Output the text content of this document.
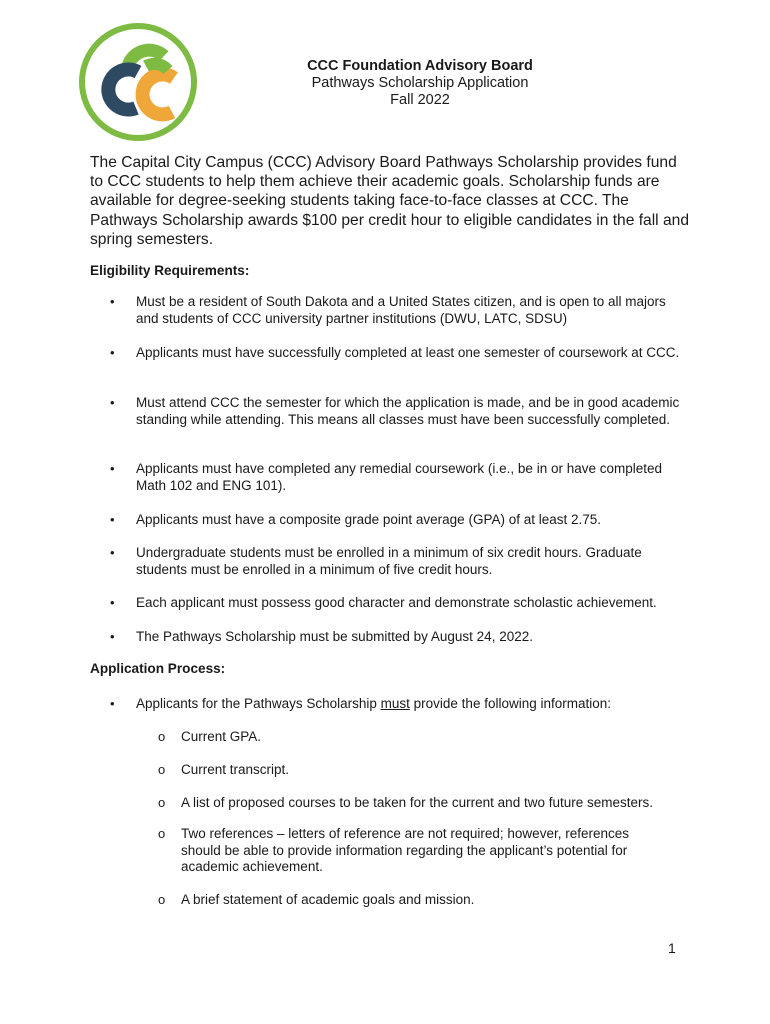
CCC Foundation Advisory Board
Pathways Scholarship Application
Fall 2022
The Capital City Campus (CCC) Advisory Board Pathways Scholarship provides fund to CCC students to help them achieve their academic goals. Scholarship funds are available for degree-seeking students taking face-to-face classes at CCC. The Pathways Scholarship awards $100 per credit hour to eligible candidates in the fall and spring semesters.
Eligibility Requirements:
• Must be a resident of South Dakota and a United States citizen, and is open to all majors and students of CCC university partner institutions (DWU, LATC, SDSU)
• Applicants must have successfully completed at least one semester of coursework at CCC.
• Must attend CCC the semester for which the application is made, and be in good academic standing while attending. This means all classes must have been successfully completed.
• Applicants must have completed any remedial coursework (i.e., be in or have completed Math 102 and ENG 101).
• Applicants must have a composite grade point average (GPA) of at least 2.75.
• Undergraduate students must be enrolled in a minimum of six credit hours. Graduate students must be enrolled in a minimum of five credit hours.
• Each applicant must possess good character and demonstrate scholastic achievement.
• The Pathways Scholarship must be submitted by August 24, 2022.
Application Process:
• Applicants for the Pathways Scholarship must provide the following information:
o Current GPA.
o Current transcript.
o A list of proposed courses to be taken for the current and two future semesters.
o Two references – letters of reference are not required; however, references should be able to provide information regarding the applicant’s potential for academic achievement.
o A brief statement of academic goals and mission.
1
